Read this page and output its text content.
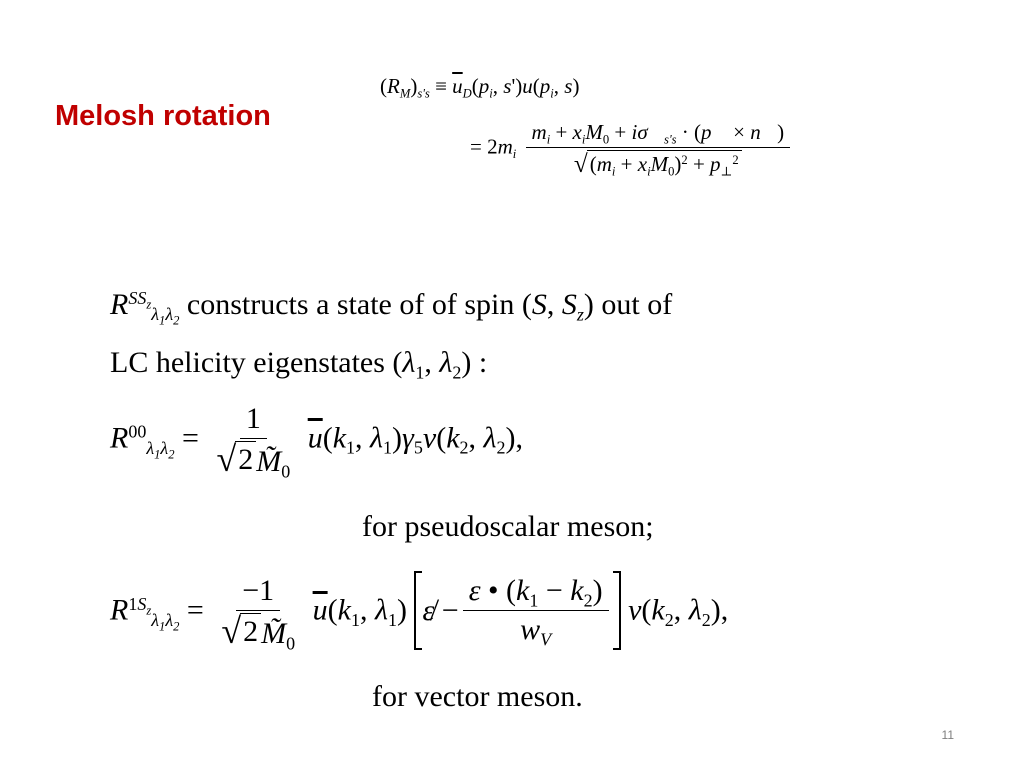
Melosh rotation
$(R_M)_{s's} \equiv \overline{u}_D(p_i$, $s')u(p_i$, s)
= $2m_i \frac{m_i + x_iM_0 + i\sigma⃗_{s's} \cdot (p⃗ \times n⃗)}{√ (m_i + x_iM_0)^2 + p_\perp^2}$
$R^{SS_z}_{\lambda_1\lambda_2}$ constructs a state of of spin (S, $S_z$) out of
LC helicity eigenstates ($\lambda_1$, $\lambda_2$) :
$R^{00}_{\lambda_1\lambda_2} = \frac{1}{√ 2 M̃_0} \overline{u}(k_1$, $\lambda_1)\gamma_5v(k_2$, $\lambda_2$),
for pseudoscalar meson;
$R^{1S_z}_{\lambda_1\lambda_2} = \frac{-1}{√ 2 M̃_0} \overline{u}(k_1$, $\lambda_1$) ε̸ − $\frac{\varepsilon • (k_1 - k_2)}{w_V} v(k_2$, $\lambda_2$),
for vector meson.
11
